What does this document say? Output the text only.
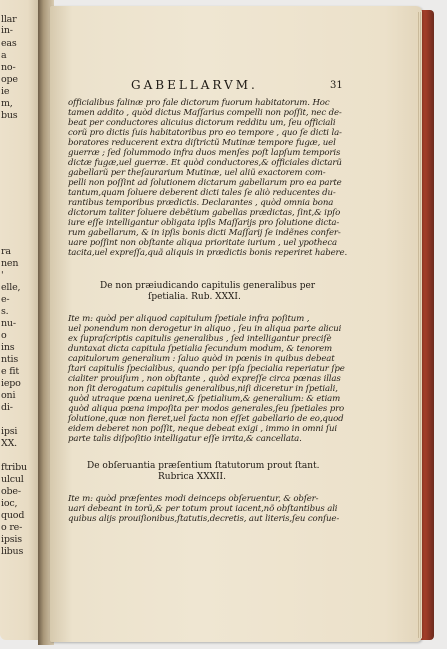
llar
in-
eas
a
no-
ope
ie
m,
bus
ra
nen
'
elle,
e-
s.
nu-
o
ins
ntis
e fit
iepo
oni
di-
ipsi
XX.
ftribu
ulcul
obe-
ioc,
quod
o re-
ipsis
libus
GABELLARVM.	31
officialibus falinæ pro fale dictorum fuorum habitatorum. Hoc
tamen addito , quòd dictus Maſſarius compelli non poſſit, nec de-
beat per conductores alicuius dictorum redditu um, ſeu officiali
corũ pro dictis ſuis habitatoribus pro eo tempore , quo ſe dicti la-
boratores reducerent extra diſtrictũ Mutinæ tempore fugæ, uel
guerræ ; ſed ſolummodo infra duos menſes poſt lapſum temporis
dictæ fugæ,uel guerræ. Et quòd conductores,& officiales dictarũ
gabellarũ per theſaurarium Mutinæ, uel aliũ exactorem com-
pelli non poſſint ad ſolutionem dictarum gabellarum pro ea parte
tantum,quam ſoluere deberent dicti tales ſe aliò reducentes du-
rantibus temporibus prædictis. Declarantes , quòd omnia bona
dictorum taliter ſoluere debẽtium gabellas prædictas, ſint,& ipſo
iure eſſe intelligantur obligata ipſis Maſſarijs pro ſolutione dicta-
rum gabellarum, & in ipſis bonis dicti Maſſarij ſe indẽnes confer-
uare poſſint non obſtante aliqua prioritate iurium , uel ypotheca
tacita,uel expreſſa,quã aliquis in prædictis bonis reperiret habere.
Ite m: quòd per aliquod capitulum ſpetiale infra poſitum ,
uel ponendum non derogetur in aliquo , ſeu in aliqua parte alicui
ex ſupraſcriptis capitulis generalibus , ſed intelligantur preciſè
duntaxat dicta capitula ſpetialia ſecundum modum, & tenorem
capitulorum generalium : ſaluo quòd in pœnis in quibus debeat
ſtari capitulis ſpecialibus, quando per ipſa ſpecialia reperiatur ſpe
cialiter prouiſum , non obſtante , quòd expreſſe circa pœnas illas
non ſit derogatum capitulis generalibus,niſi diceretur in ſpetiali,
quòd utraque pœna ueniret,& ſpetialium,& generalium: & etiam
quòd aliqua pœna impoſita per modos generales,ſeu ſpetiales pro
ſolutione,quæ non fieret,uel facta non eſſet gabellario de eo,quod
eidem deberet non poſſit, neque debeat exigi , immo in omni ſui
parte talis diſpoſitio intelligatur eſſe irrita,& cancellata.
Ite m: quòd præſentes modi deinceps obſeruentur, & obſer-
uari debeant in torũ,& per totum prout iacent,nõ obſtantibus ali
quibus alijs prouiſionibus,ſtatutis,decretis, aut literis,ſeu conſue-
De non præiudicando capitulis generalibus per
ſpetialia. Rub. XXXI.
De obſeruantia præſentium ſtatutorum prout ſtant.
Rubrica XXXII.
